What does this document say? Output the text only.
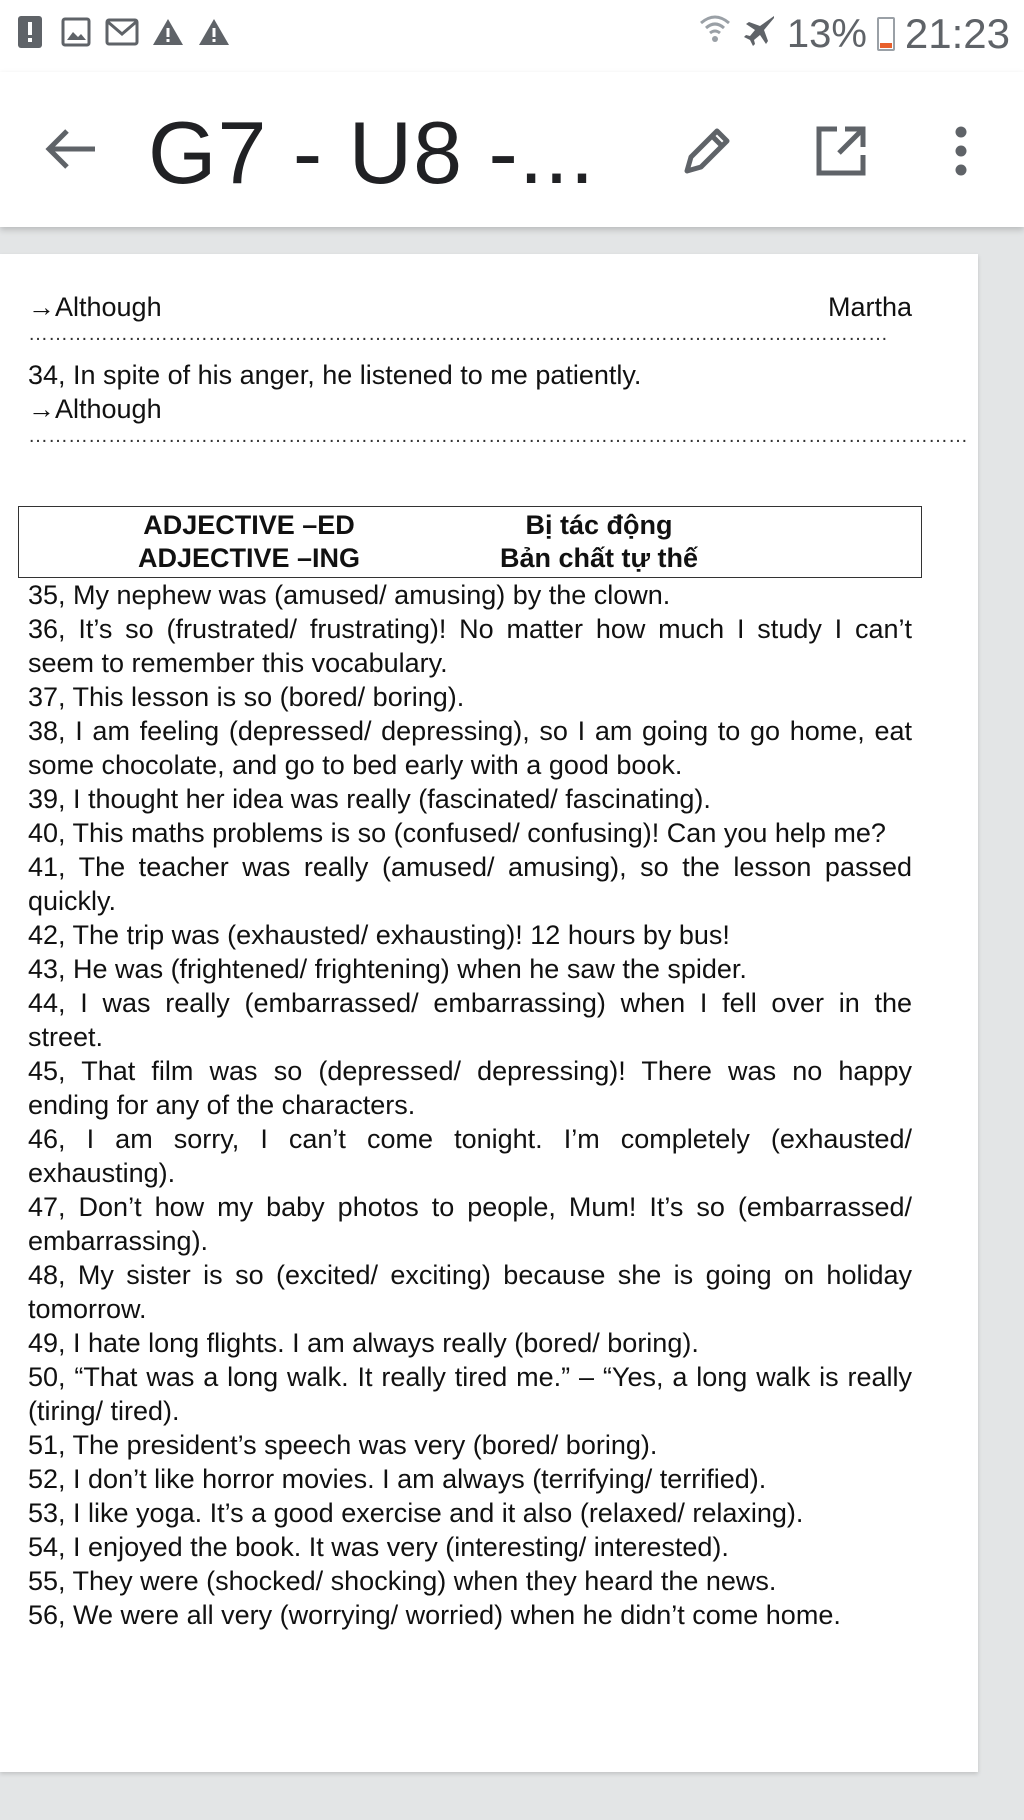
13% 21:23
G7 - U8 -...
→Although	Martha
…………………………………………………………………………………………………………………
34, In spite of his anger, he listened to me patiently.
→Although
……………………………………………………………………………………………………………………………
ADJECTIVE –ED	Bị tác động
ADJECTIVE –ING	Bản chất tự thế
35, My nephew was (amused/ amusing) by the clown.
36, It’s so (frustrated/ frustrating)! No matter how much I study I can’t seem to remember this vocabulary.
37, This lesson is so (bored/ boring).
38, I am feeling (depressed/ depressing), so I am going to go home, eat some chocolate, and go to bed early with a good book.
39, I thought her idea was really (fascinated/ fascinating).
40, This maths problems is so (confused/ confusing)! Can you help me?
41, The teacher was really (amused/ amusing), so the lesson passed quickly.
42, The trip was (exhausted/ exhausting)! 12 hours by bus!
43, He was (frightened/ frightening) when he saw the spider.
44, I was really (embarrassed/ embarrassing) when I fell over in the street.
45, That film was so (depressed/ depressing)! There was no happy ending for any of the characters.
46, I am sorry, I can’t come tonight. I’m completely (exhausted/ exhausting).
47, Don’t how my baby photos to people, Mum! It’s so (embarrassed/ embarrassing).
48, My sister is so (excited/ exciting) because she is going on holiday tomorrow.
49, I hate long flights. I am always really (bored/ boring).
50, “That was a long walk. It really tired me.” – “Yes, a long walk is really (tiring/ tired).
51, The president’s speech was very (bored/ boring).
52, I don’t like horror movies. I am always (terrifying/ terrified).
53, I like yoga. It’s a good exercise and it also (relaxed/ relaxing).
54, I enjoyed the book. It was very (interesting/ interested).
55, They were (shocked/ shocking) when they heard the news.
56, We were all very (worrying/ worried) when he didn’t come home.
